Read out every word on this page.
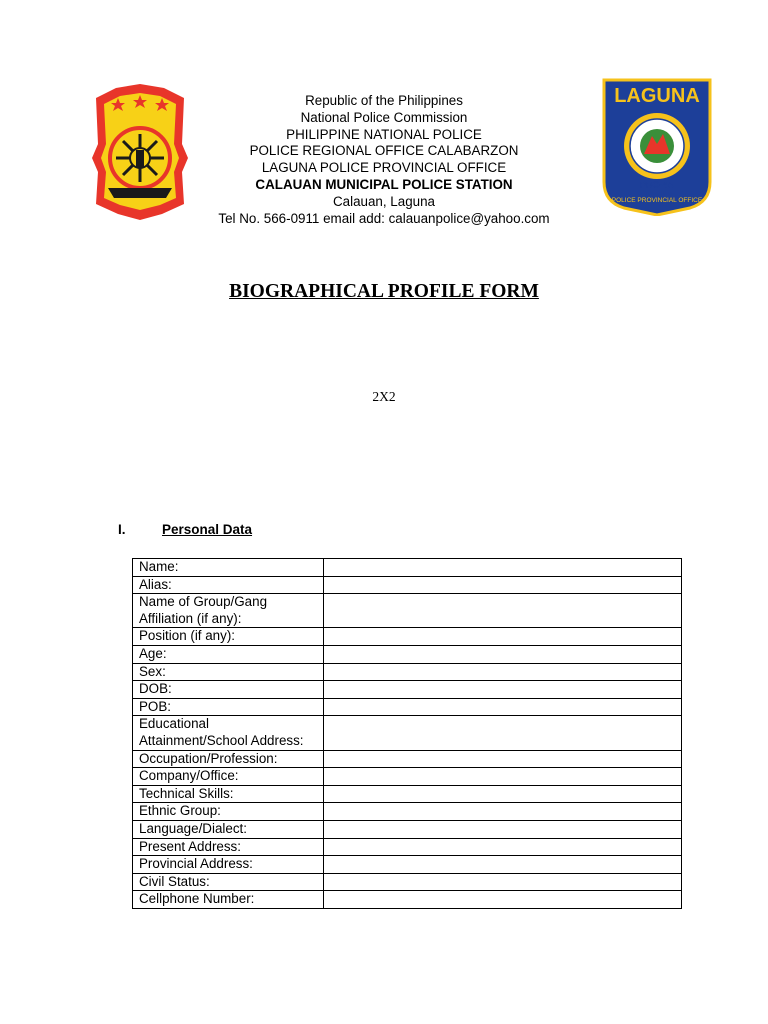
LAGUNA
PRO-4A
POLICE PROVINCIAL OFFICE
Republic of the Philippines
National Police Commission
PHILIPPINE NATIONAL POLICE
POLICE REGIONAL OFFICE CALABARZON
LAGUNA POLICE PROVINCIAL OFFICE
CALAUAN MUNICIPAL POLICE STATION
Calauan, Laguna
Tel No. 566-0911 email add: calauanpolice@yahoo.com
BIOGRAPHICAL PROFILE FORM
2X2
I.	Personal Data
Name:	
Alias:	
Name of Group/Gang Affiliation (if any):	
Position (if any):	
Age:	
Sex:	
DOB:	
POB:	
Educational Attainment/School Address:	
Occupation/Profession:	
Company/Office:	
Technical Skills:	
Ethnic Group:	
Language/Dialect:	
Present Address:	
Provincial Address:	
Civil Status:	
Cellphone Number:	
